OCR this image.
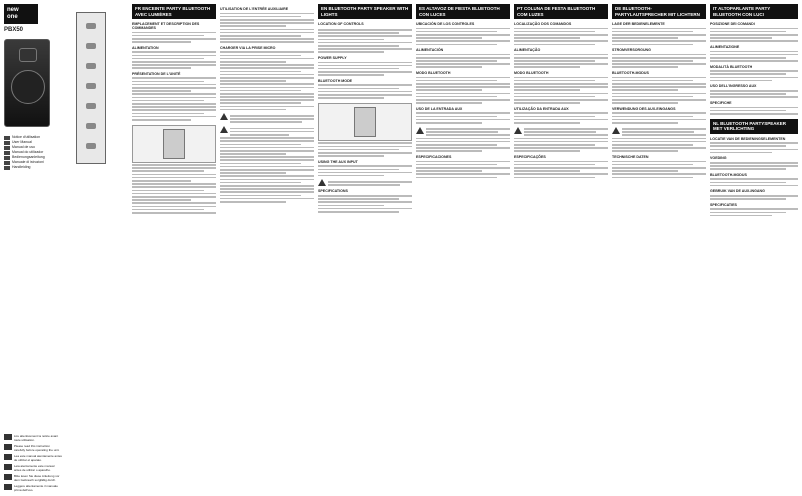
new
one
PBX50
Notice d'utilisation
User Manual
Manual de uso
Manual do utilizador
Bedienungsanleitung
Manuale di istruzioni
Handleiding
Lire attentivement la notice avant toute utilisation.
Please read this instruction carefully before operating the unit.
Lea este manual atentamente antes de utilizar el aparato.
Leia atentamente este manual antes de utilizar o aparelho.
Bitte lesen Sie diese Anleitung vor dem Gebrauch sorgfältig durch.
Leggere attentamente il manuale prima dell'uso.
FR ENCEINTE PARTY BLUETOOTH AVEC LUMIÈRES
EMPLACEMENT ET DESCRIPTION DES COMMANDES
ALIMENTATION
PRÉSENTATION DE L'UNITÉ
UTILISATION DE L'ENTRÉE AUXILIAIRE
CHARGER VIA LA PRISE MICRO
EN BLUETOOTH PARTY SPEAKER WITH LIGHTS
LOCATION OF CONTROLS
POWER SUPPLY
BLUETOOTH MODE
USING THE AUX INPUT
SPECIFICATIONS
ES ALTAVOZ DE FIESTA BLUETOOTH CON LUCES
UBICACIÓN DE LOS CONTROLES
ALIMENTACIÓN
MODO BLUETOOTH
USO DE LA ENTRADA AUX
ESPECIFICACIONES
PT COLUNA DE FESTA BLUETOOTH COM LUZES
LOCALIZAÇÃO DOS COMANDOS
ALIMENTAÇÃO
MODO BLUETOOTH
UTILIZAÇÃO DA ENTRADA AUX
ESPECIFICAÇÕES
DE BLUETOOTH-PARTYLAUTSPRECHER MIT LICHTERN
LAGE DER BEDIENELEMENTE
STROMVERSORGUNG
BLUETOOTH-MODUS
VERWENDUNG DES AUX-EINGANGS
TECHNISCHE DATEN
IT ALTOPARLANTE PARTY BLUETOOTH CON LUCI
POSIZIONE DEI COMANDI
ALIMENTAZIONE
MODALITÀ BLUETOOTH
USO DELL'INGRESSO AUX
SPECIFICHE
NL BLUETOOTH PARTYSPEAKER MET VERLICHTING
LOCATIE VAN DE BEDIENINGSELEMENTEN
VOEDING
BLUETOOTH-MODUS
GEBRUIK VAN DE AUX-INGANG
SPECIFICATIES
